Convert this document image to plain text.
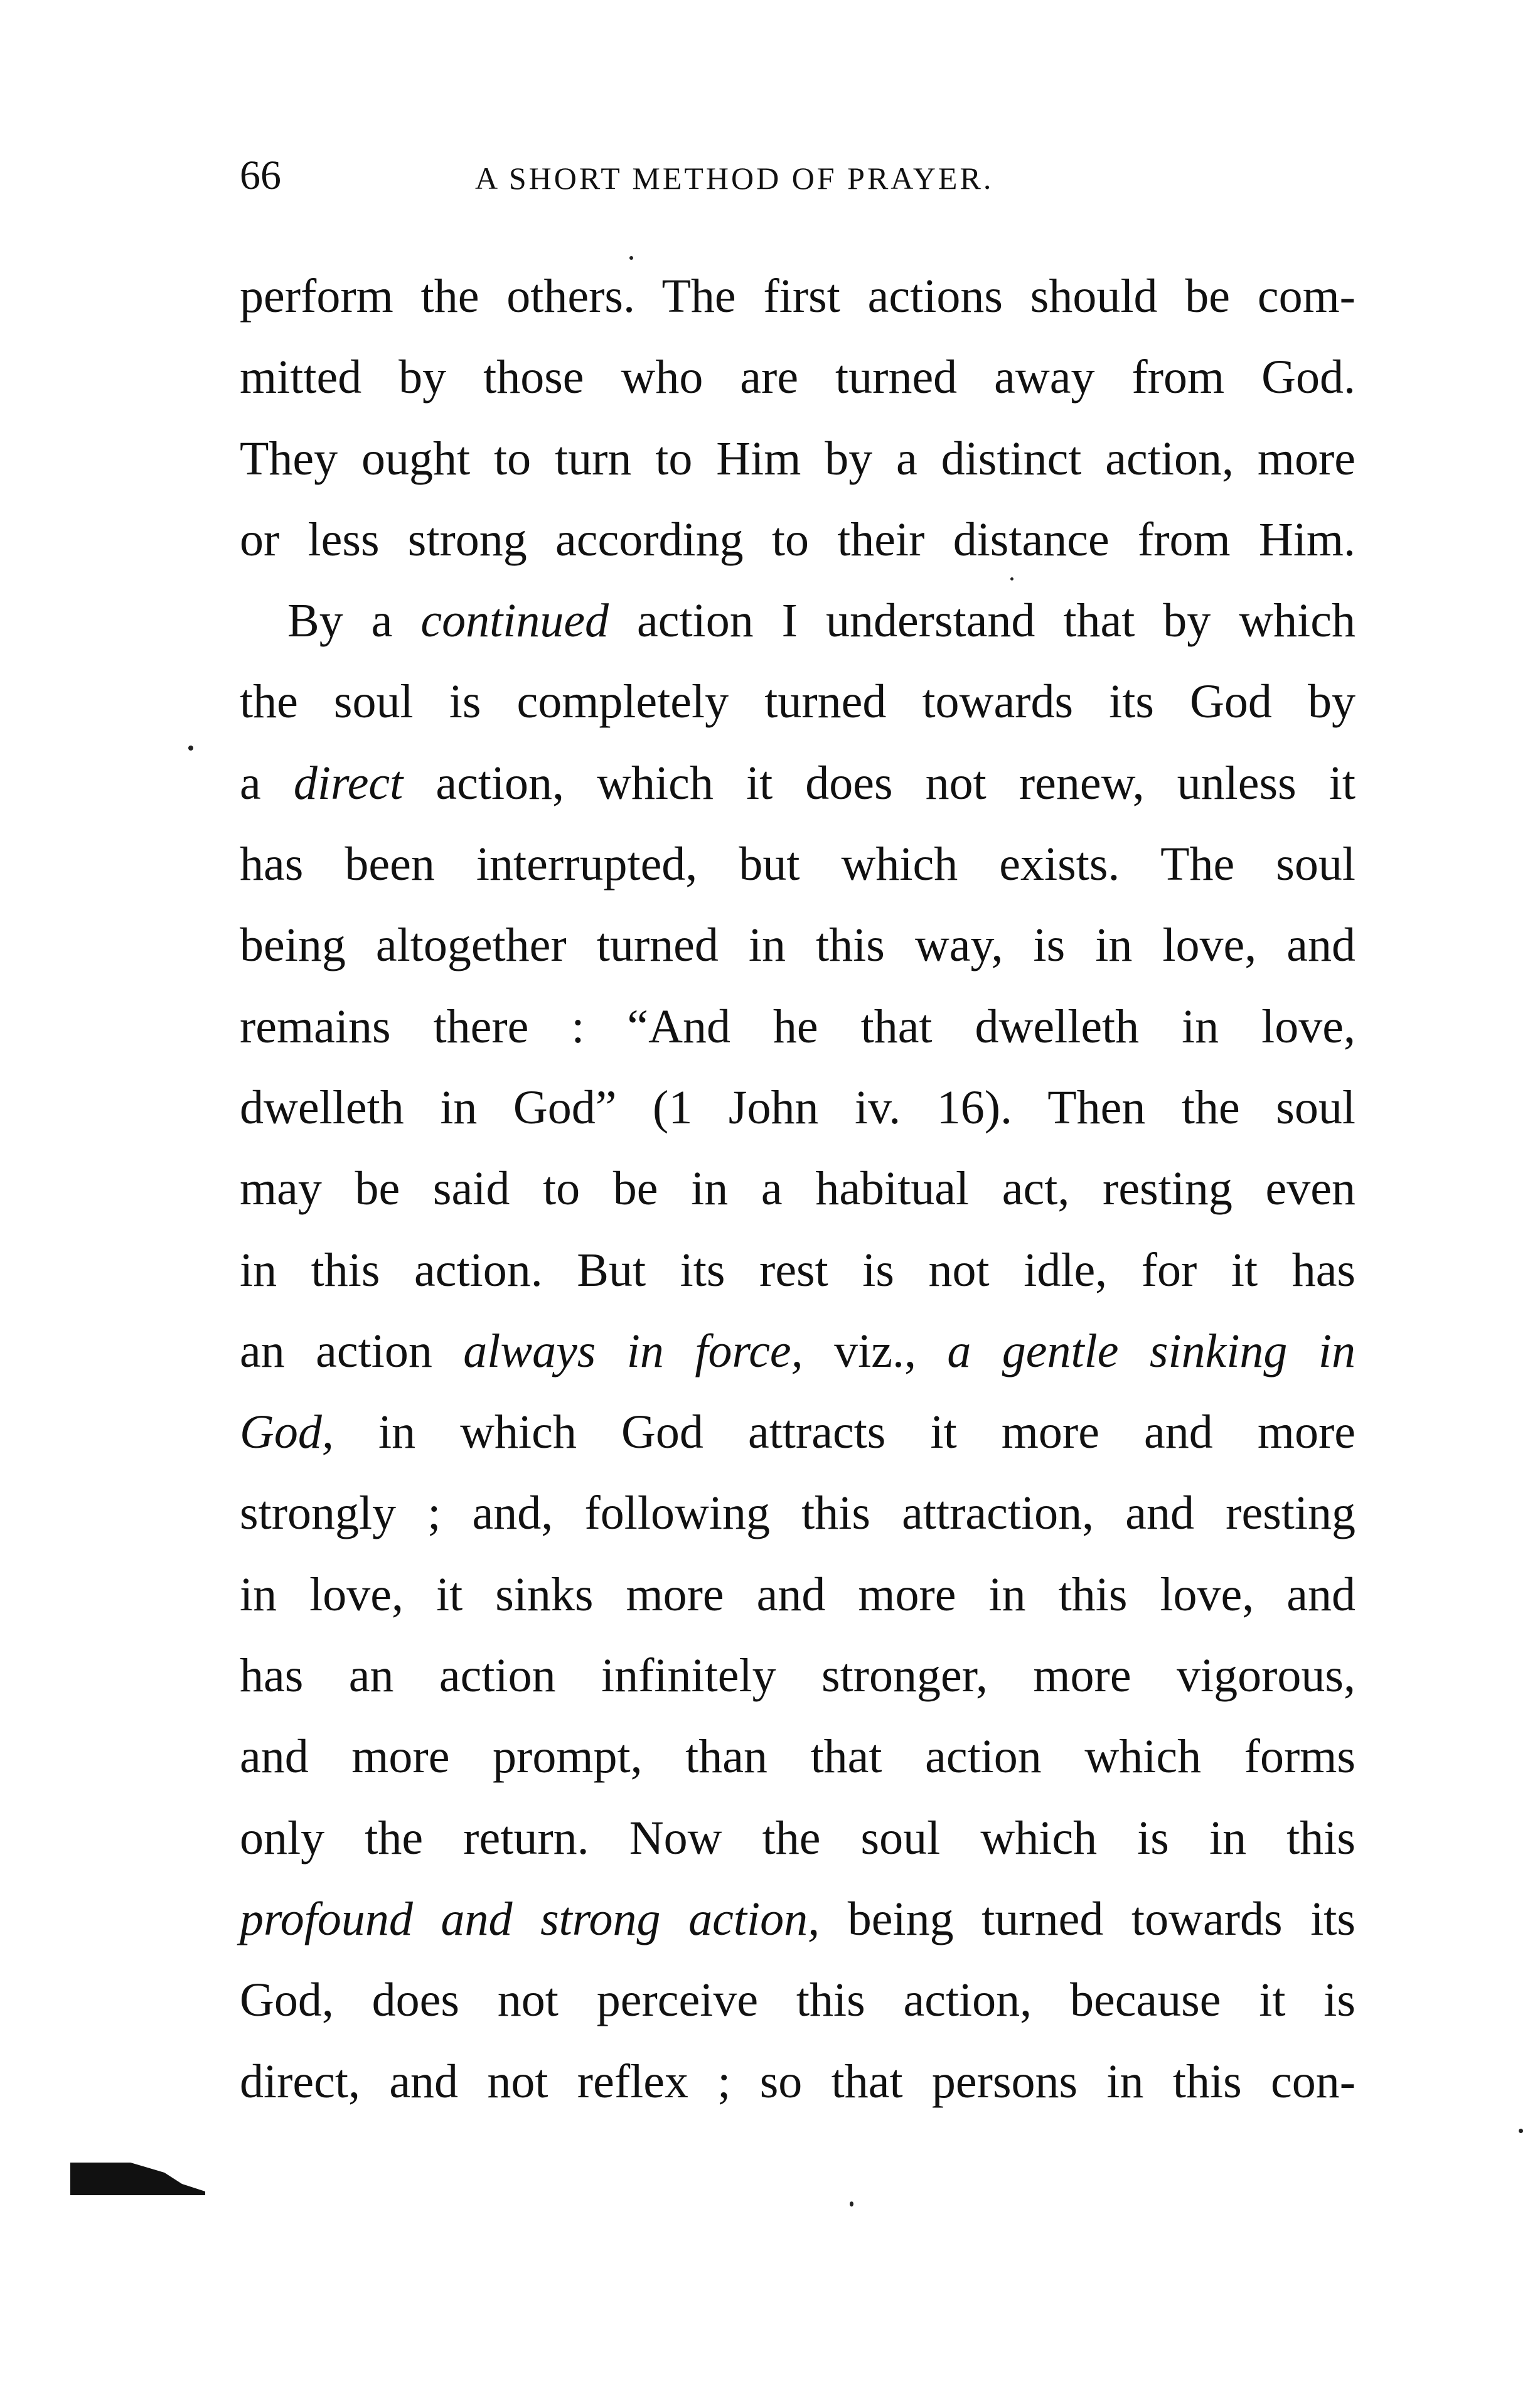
66	A SHORT METHOD OF PRAYER.
perform the others. The first actions should be com-
mitted by those who are turned away from God.
They ought to turn to Him by a distinct action, more
or less strong according to their distance from Him.
By a continued action I understand that by which
the soul is completely turned towards its God by
a direct action, which it does not renew, unless it
has been interrupted, but which exists. The soul
being altogether turned in this way, is in love, and
remains there : “And he that dwelleth in love,
dwelleth in God” (1 John iv. 16). Then the soul
may be said to be in a habitual act, resting even
in this action. But its rest is not idle, for it has
an action always in force, viz., a gentle sinking in
God, in which God attracts it more and more
strongly ; and, following this attraction, and resting
in love, it sinks more and more in this love, and
has an action infinitely stronger, more vigorous,
and more prompt, than that action which forms
only the return. Now the soul which is in this
profound and strong action, being turned towards its
God, does not perceive this action, because it is
direct, and not reflex ; so that persons in this con-
